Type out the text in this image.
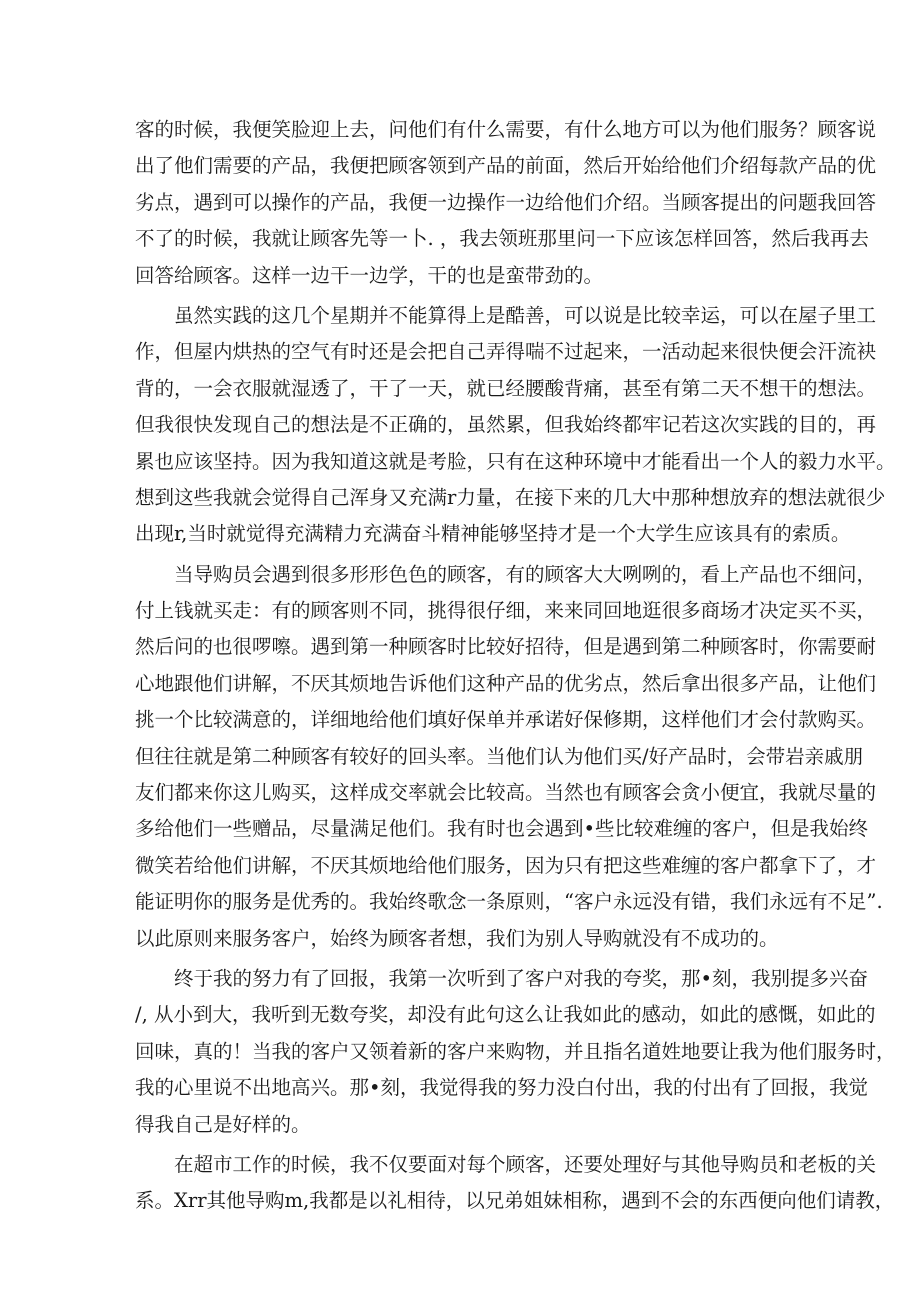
客的时候，我便笑脸迎上去，问他们有什么需要，有什么地方可以为他们服务？顾客说
出了他们需要的产品，我便把顾客领到产品的前面，然后开始给他们介绍每款产品的优
劣点，遇到可以操作的产品，我便一边操作一边给他们介绍。当顾客提出的问题我回答
不了的时候，我就让顾客先等一卜. ，我去领班那里问一下应该怎样回答，然后我再去
回答给顾客。这样一边干一边学，干的也是蛮带劲的。
虽然实践的这几个星期并不能算得上是酷善，可以说是比较幸运，可以在屋子里工
作，但屋内烘热的空气有时还是会把自己弄得喘不过起来，一活动起来很快便会汗流袂
背的，一会衣服就湿透了，干了一天，就已经腰酸背痛，甚至有第二天不想干的想法。
但我很快发现自己的想法是不正确的，虽然累，但我始终都牢记若这次实践的目的，再
累也应该坚持。因为我知道这就是考脸，只有在这种环境中才能看出一个人的毅力水平。
想到这些我就会觉得自己浑身又充满r力量，在接下来的几大中那种想放弃的想法就很少
出现r,当时就觉得充满精力充满奋斗精神能够坚持才是一个大学生应该具有的索质。
当导购员会遇到很多形形色色的顾客，有的顾客大大咧咧的，看上产品也不细问，
付上钱就买走：有的顾客则不同，挑得很仔细，来来同回地逛很多商场才决定买不买，
然后问的也很啰嚓。遇到第一种顾客时比较好招待，但是遇到第二种顾客时，你需要耐
心地跟他们讲解，不厌其烦地告诉他们这种产品的优劣点，然后拿出很多产品，让他们
挑一个比较满意的，详细地给他们填好保单并承诺好保修期，这样他们才会付款购买。
但往往就是第二种顾客有较好的回头率。当他们认为他们买/好产品时，会带岩亲戚朋
友们都来你这儿购买，这样成交率就会比较高。当然也有顾客会贪小便宜，我就尽量的
多给他们一些赠品，尽量满足他们。我有时也会遇到•些比较难缠的客户，但是我始终
微笑若给他们讲解，不厌其烦地给他们服务，因为只有把这些难缠的客户都拿下了，才
能证明你的服务是优秀的。我始终歌念一条原则，“客户永远没有错，我们永远有不足”.
以此原则来服务客户，始终为顾客者想，我们为别人导购就没有不成功的。
终于我的努力有了回报，我第一次听到了客户对我的夸奖，那•刻，我别提多兴奋
/, 从小到大，我听到无数夸奖，却没有此句这么让我如此的感动，如此的感慨，如此的
回味，真的！当我的客户又领着新的客户来购物，并且指名道姓地要让我为他们服务时，
我的心里说不出地高兴。那•刻，我觉得我的努力没白付出，我的付出有了回报，我觉
得我自己是好样的。
在超市工作的时候，我不仅要面对每个顾客，还要处理好与其他导购员和老板的关
系。Xrr其他导购m,我都是以礼相待，以兄弟姐妹相称，遇到不会的东西便向他们请教，
